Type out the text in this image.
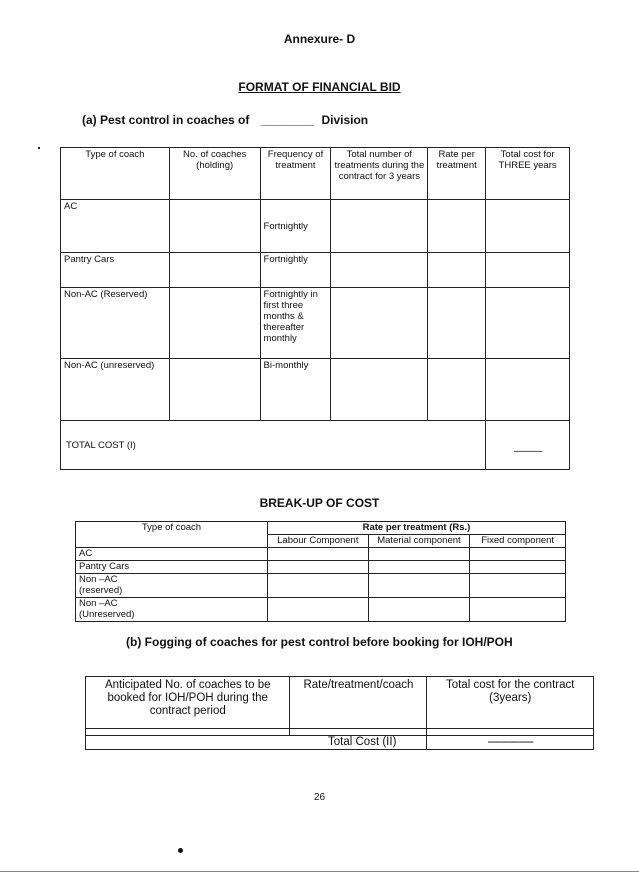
Annexure- D
FORMAT OF FINANCIAL BID
(a) Pest control in coaches of ________ Division
Type of coach	No. of coaches (holding)	Frequency of treatment	Total number of treatments during the contract for 3 years	Rate per treatment	Total cost for THREE years
AC		Fortnightly			
Pantry Cars		Fortnightly			
Non-AC (Reserved)		Fortnightly in first three months & thereafter monthly			
Non-AC (unreserved)		Bi-monthly			
TOTAL COST (I)					-------------
BREAK-UP OF COST
Type of coach	Rate per treatment (Rs.)		
	Labour Component	Material component	Fixed component
AC			
Pantry Cars			
Non –AC (reserved)			
Non –AC (Unreserved)			
(b) Fogging of coaches for pest control before booking for IOH/POH
Anticipated No. of coaches to be booked for IOH/POH during the contract period	Rate/treatment/coach	Total cost for the contract (3years)

Total Cost (II)		----------------
26
